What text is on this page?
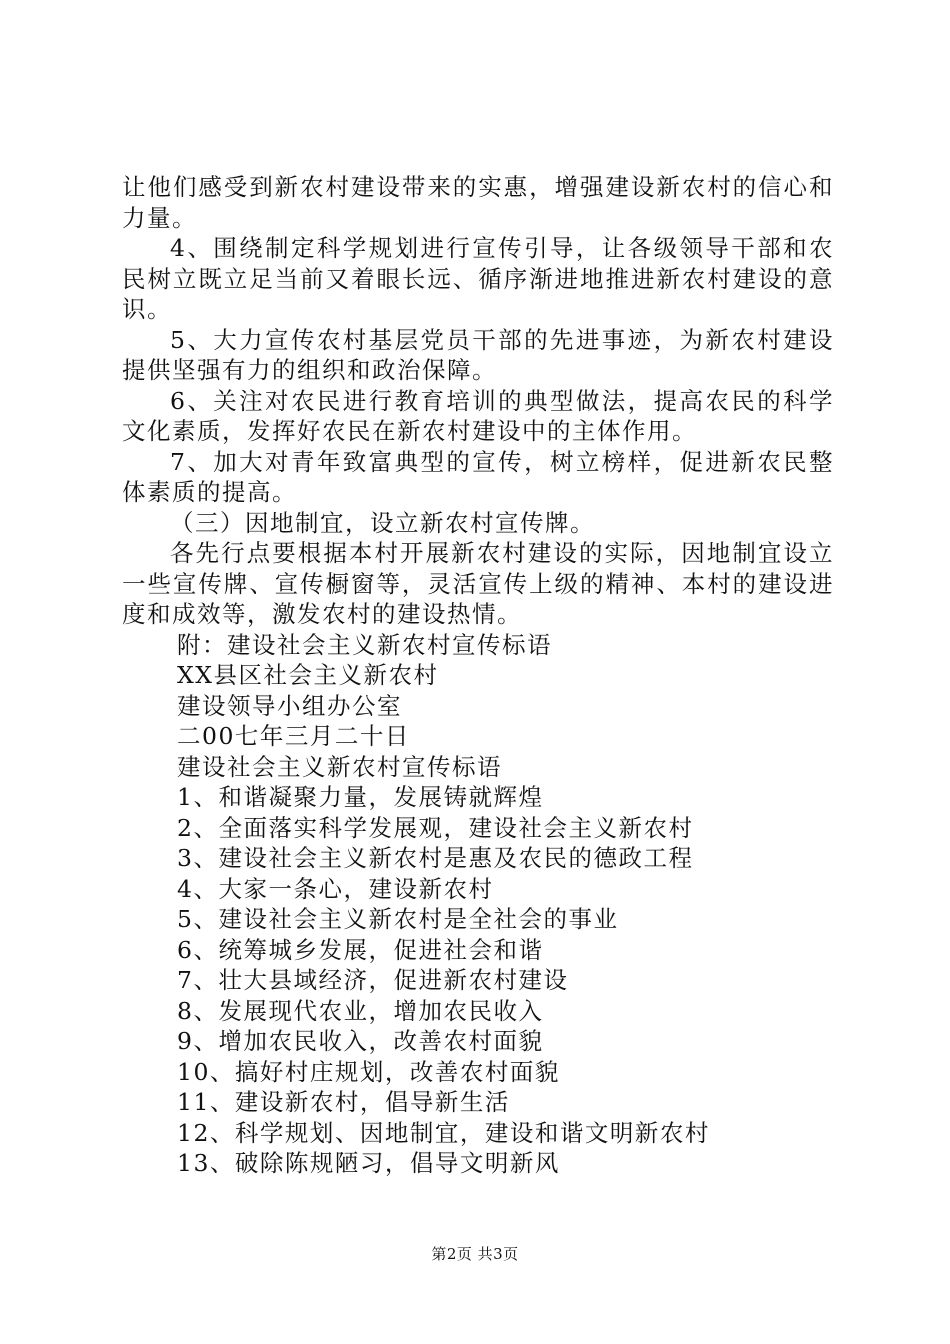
让他们感受到新农村建设带来的实惠，增强建设新农村的信心和力量。

4、围绕制定科学规划进行宣传引导，让各级领导干部和农民树立既立足当前又着眼长远、循序渐进地推进新农村建设的意识。

5、大力宣传农村基层党员干部的先进事迹，为新农村建设提供坚强有力的组织和政治保障。

6、关注对农民进行教育培训的典型做法，提高农民的科学文化素质，发挥好农民在新农村建设中的主体作用。

7、加大对青年致富典型的宣传，树立榜样，促进新农民整体素质的提高。

（三）因地制宜，设立新农村宣传牌。

各先行点要根据本村开展新农村建设的实际，因地制宜设立一些宣传牌、宣传橱窗等，灵活宣传上级的精神、本村的建设进度和成效等，激发农村的建设热情。

附：建设社会主义新农村宣传标语

XX县区社会主义新农村

建设领导小组办公室

二00七年三月二十日

建设社会主义新农村宣传标语

1、和谐凝聚力量，发展铸就辉煌

2、全面落实科学发展观，建设社会主义新农村

3、建设社会主义新农村是惠及农民的德政工程

4、大家一条心，建设新农村

5、建设社会主义新农村是全社会的事业

6、统筹城乡发展，促进社会和谐

7、壮大县域经济，促进新农村建设

8、发展现代农业，增加农民收入

9、增加农民收入，改善农村面貌

10、搞好村庄规划，改善农村面貌

11、建设新农村，倡导新生活

12、科学规划、因地制宜，建设和谐文明新农村

13、破除陈规陋习，倡导文明新风

第2页 共3页
